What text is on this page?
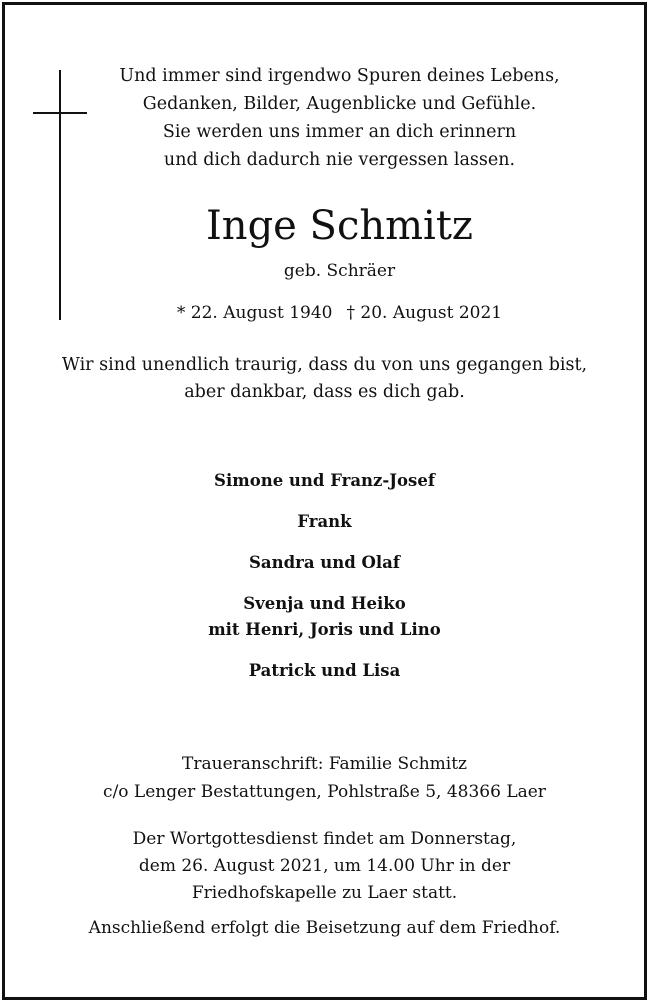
Und immer sind irgendwo Spuren deines Lebens,
Gedanken, Bilder, Augenblicke und Gefühle.
Sie werden uns immer an dich erinnern
und dich dadurch nie vergessen lassen.
Inge Schmitz
geb. Schräer
* 22. August 1940 † 20. August 2021
Wir sind unendlich traurig, dass du von uns gegangen bist,
aber dankbar, dass es dich gab.
Simone und Franz-Josef
Frank
Sandra und Olaf
Svenja und Heiko
mit Henri, Joris und Lino
Patrick und Lisa
Traueranschrift: Familie Schmitz
c/o Lenger Bestattungen, Pohlstraße 5, 48366 Laer
Der Wortgottesdienst findet am Donnerstag,
dem 26. August 2021, um 14.00 Uhr in der
Friedhofskapelle zu Laer statt.
Anschließend erfolgt die Beisetzung auf dem Friedhof.
